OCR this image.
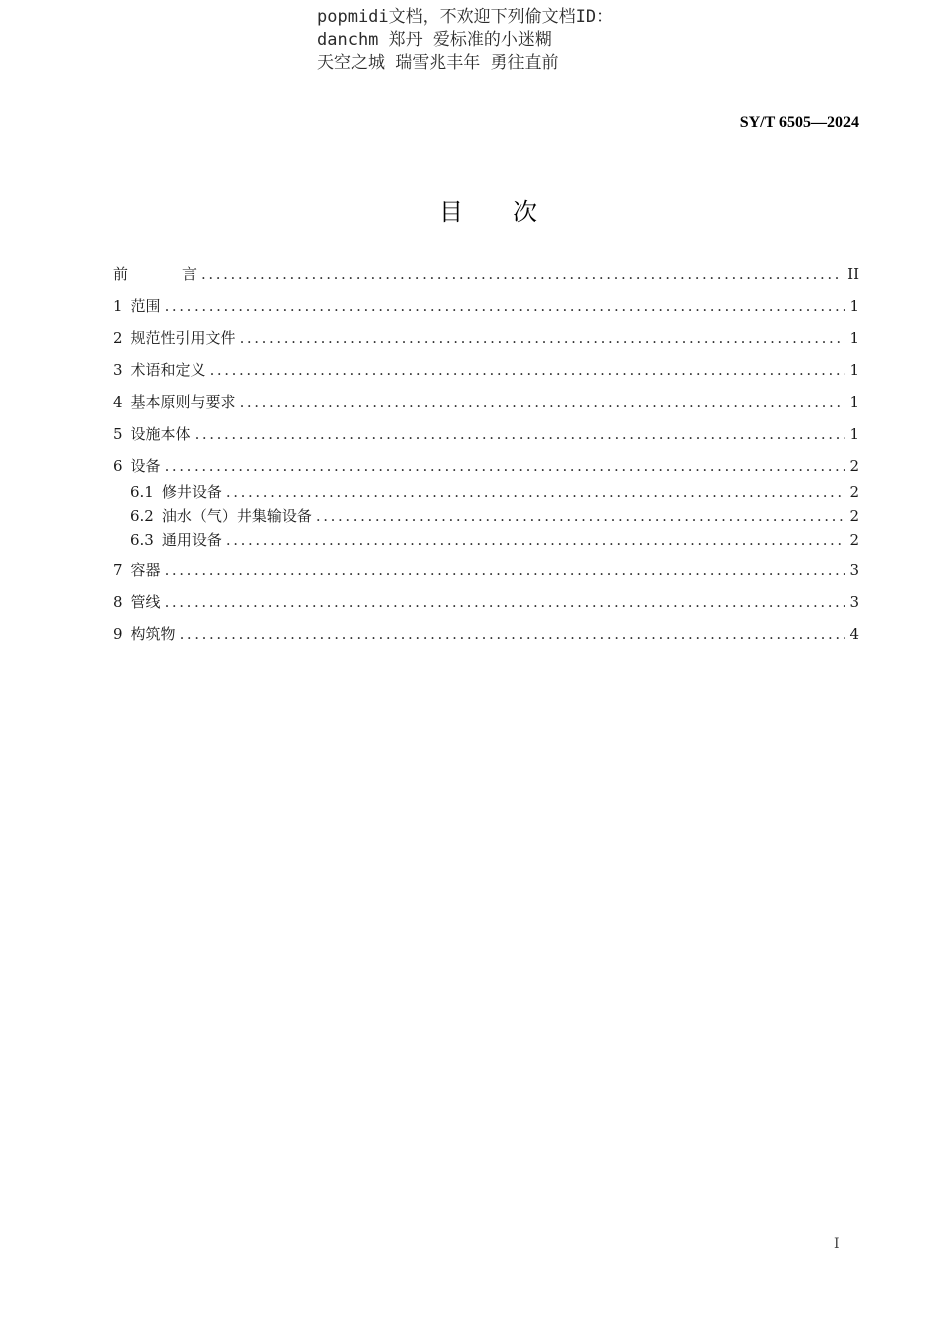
popmidi文档，不欢迎下列偷文档ID：
danchm 郑丹 爱标准的小迷糊
天空之城 瑞雪兆丰年 勇往直前
SY/T 6505—2024
目 次
前	言 .....	II
1 范围 .....	1
2 规范性引用文件 .....	1
3 术语和定义 .....	1
4 基本原则与要求 .....	1
5 设施本体 .....	1
6 设备 .....	2
6.1 修井设备 .....	2
6.2 油水（气）井集输设备 .....	2
6.3 通用设备 .....	2
7 容器 .....	3
8 管线 .....	3
9 构筑物 .....	4
I
